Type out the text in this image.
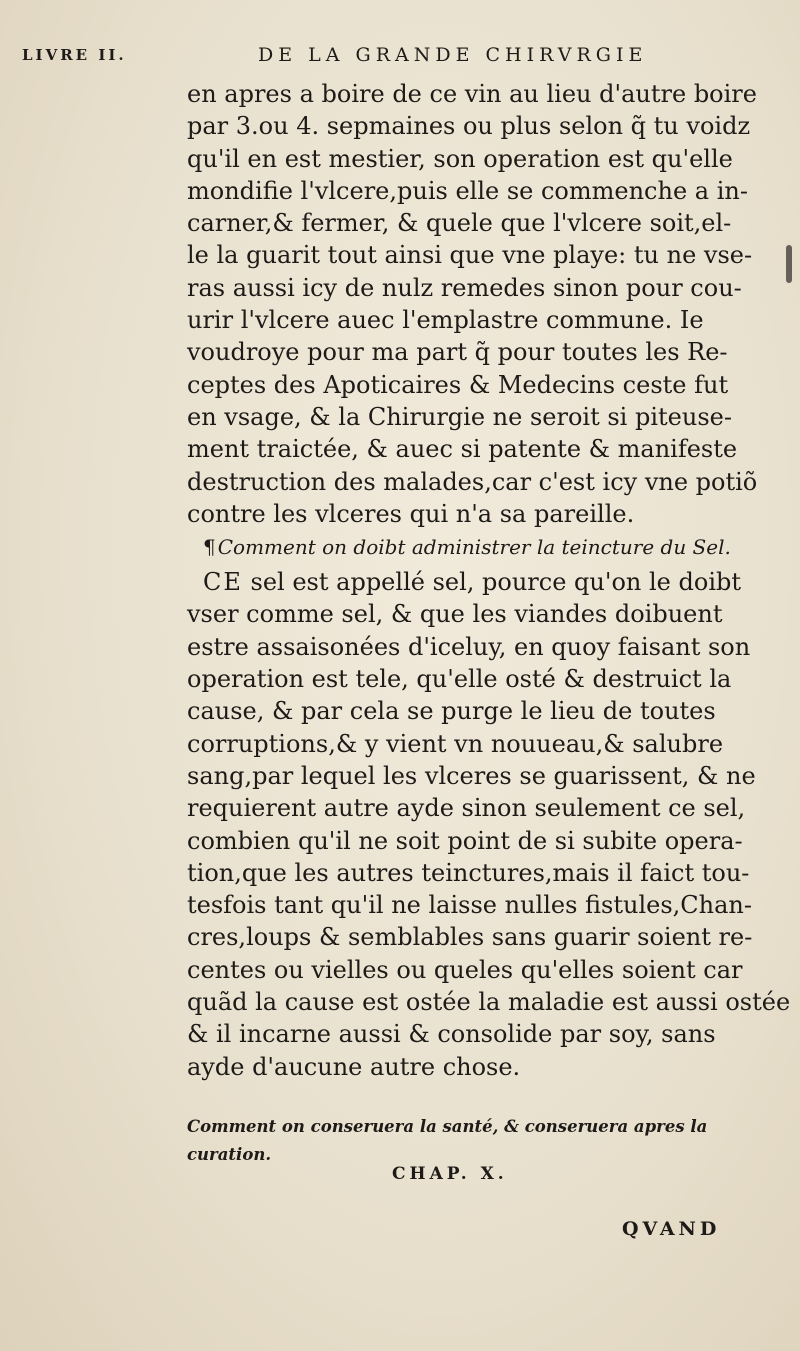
LIVRE II.	DE LA GRANDE CHIRVRGIE
en apres a boire de ce vin au lieu d'autre boire
par 3.ou 4. sepmaines ou plus selon q̃ tu voidz
qu'il en est mestier, son operation est qu'elle
mondifie l'vlcere,puis elle se commenche a in-
carner,& fermer, & quele que l'vlcere soit,el-
le la guarit tout ainsi que vne playe: tu ne vse-
ras aussi icy de nulz remedes sinon pour cou-
urir l'vlcere auec l'emplastre commune. Ie
voudroye pour ma part q̃ pour toutes les Re-
ceptes des Apoticaires & Medecins ceste fut
en vsage, & la Chirurgie ne seroit si piteuse-
ment traictée, & auec si patente & manifeste
destruction des malades,car c'est icy vne potiõ
contre les vlceres qui n'a sa pareille.
¶ Comment on doibt administrer la teincture du Sel.
CE sel est appellé sel, pource qu'on le doibt
vser comme sel, & que les viandes doibuent
estre assaisonées d'iceluy, en quoy faisant son
operation est tele, qu'elle osté & destruict la
cause, & par cela se purge le lieu de toutes
corruptions,& y vient vn nouueau,& salubre
sang,par lequel les vlceres se guarissent, & ne
requierent autre ayde sinon seulement ce sel,
combien qu'il ne soit point de si subite opera-
tion,que les autres teinctures,mais il faict tou-
tesfois tant qu'il ne laisse nulles fistules,Chan-
cres,loups & semblables sans guarir soient re-
centes ou vielles ou queles qu'elles soient car
quãd la cause est ostée la maladie est aussi ostée
& il incarne aussi & consolide par soy, sans
ayde d'aucune autre chose.
Comment on conseruera la santé, & conseruera apres la
curation.
CHAP. X.
QVAND
